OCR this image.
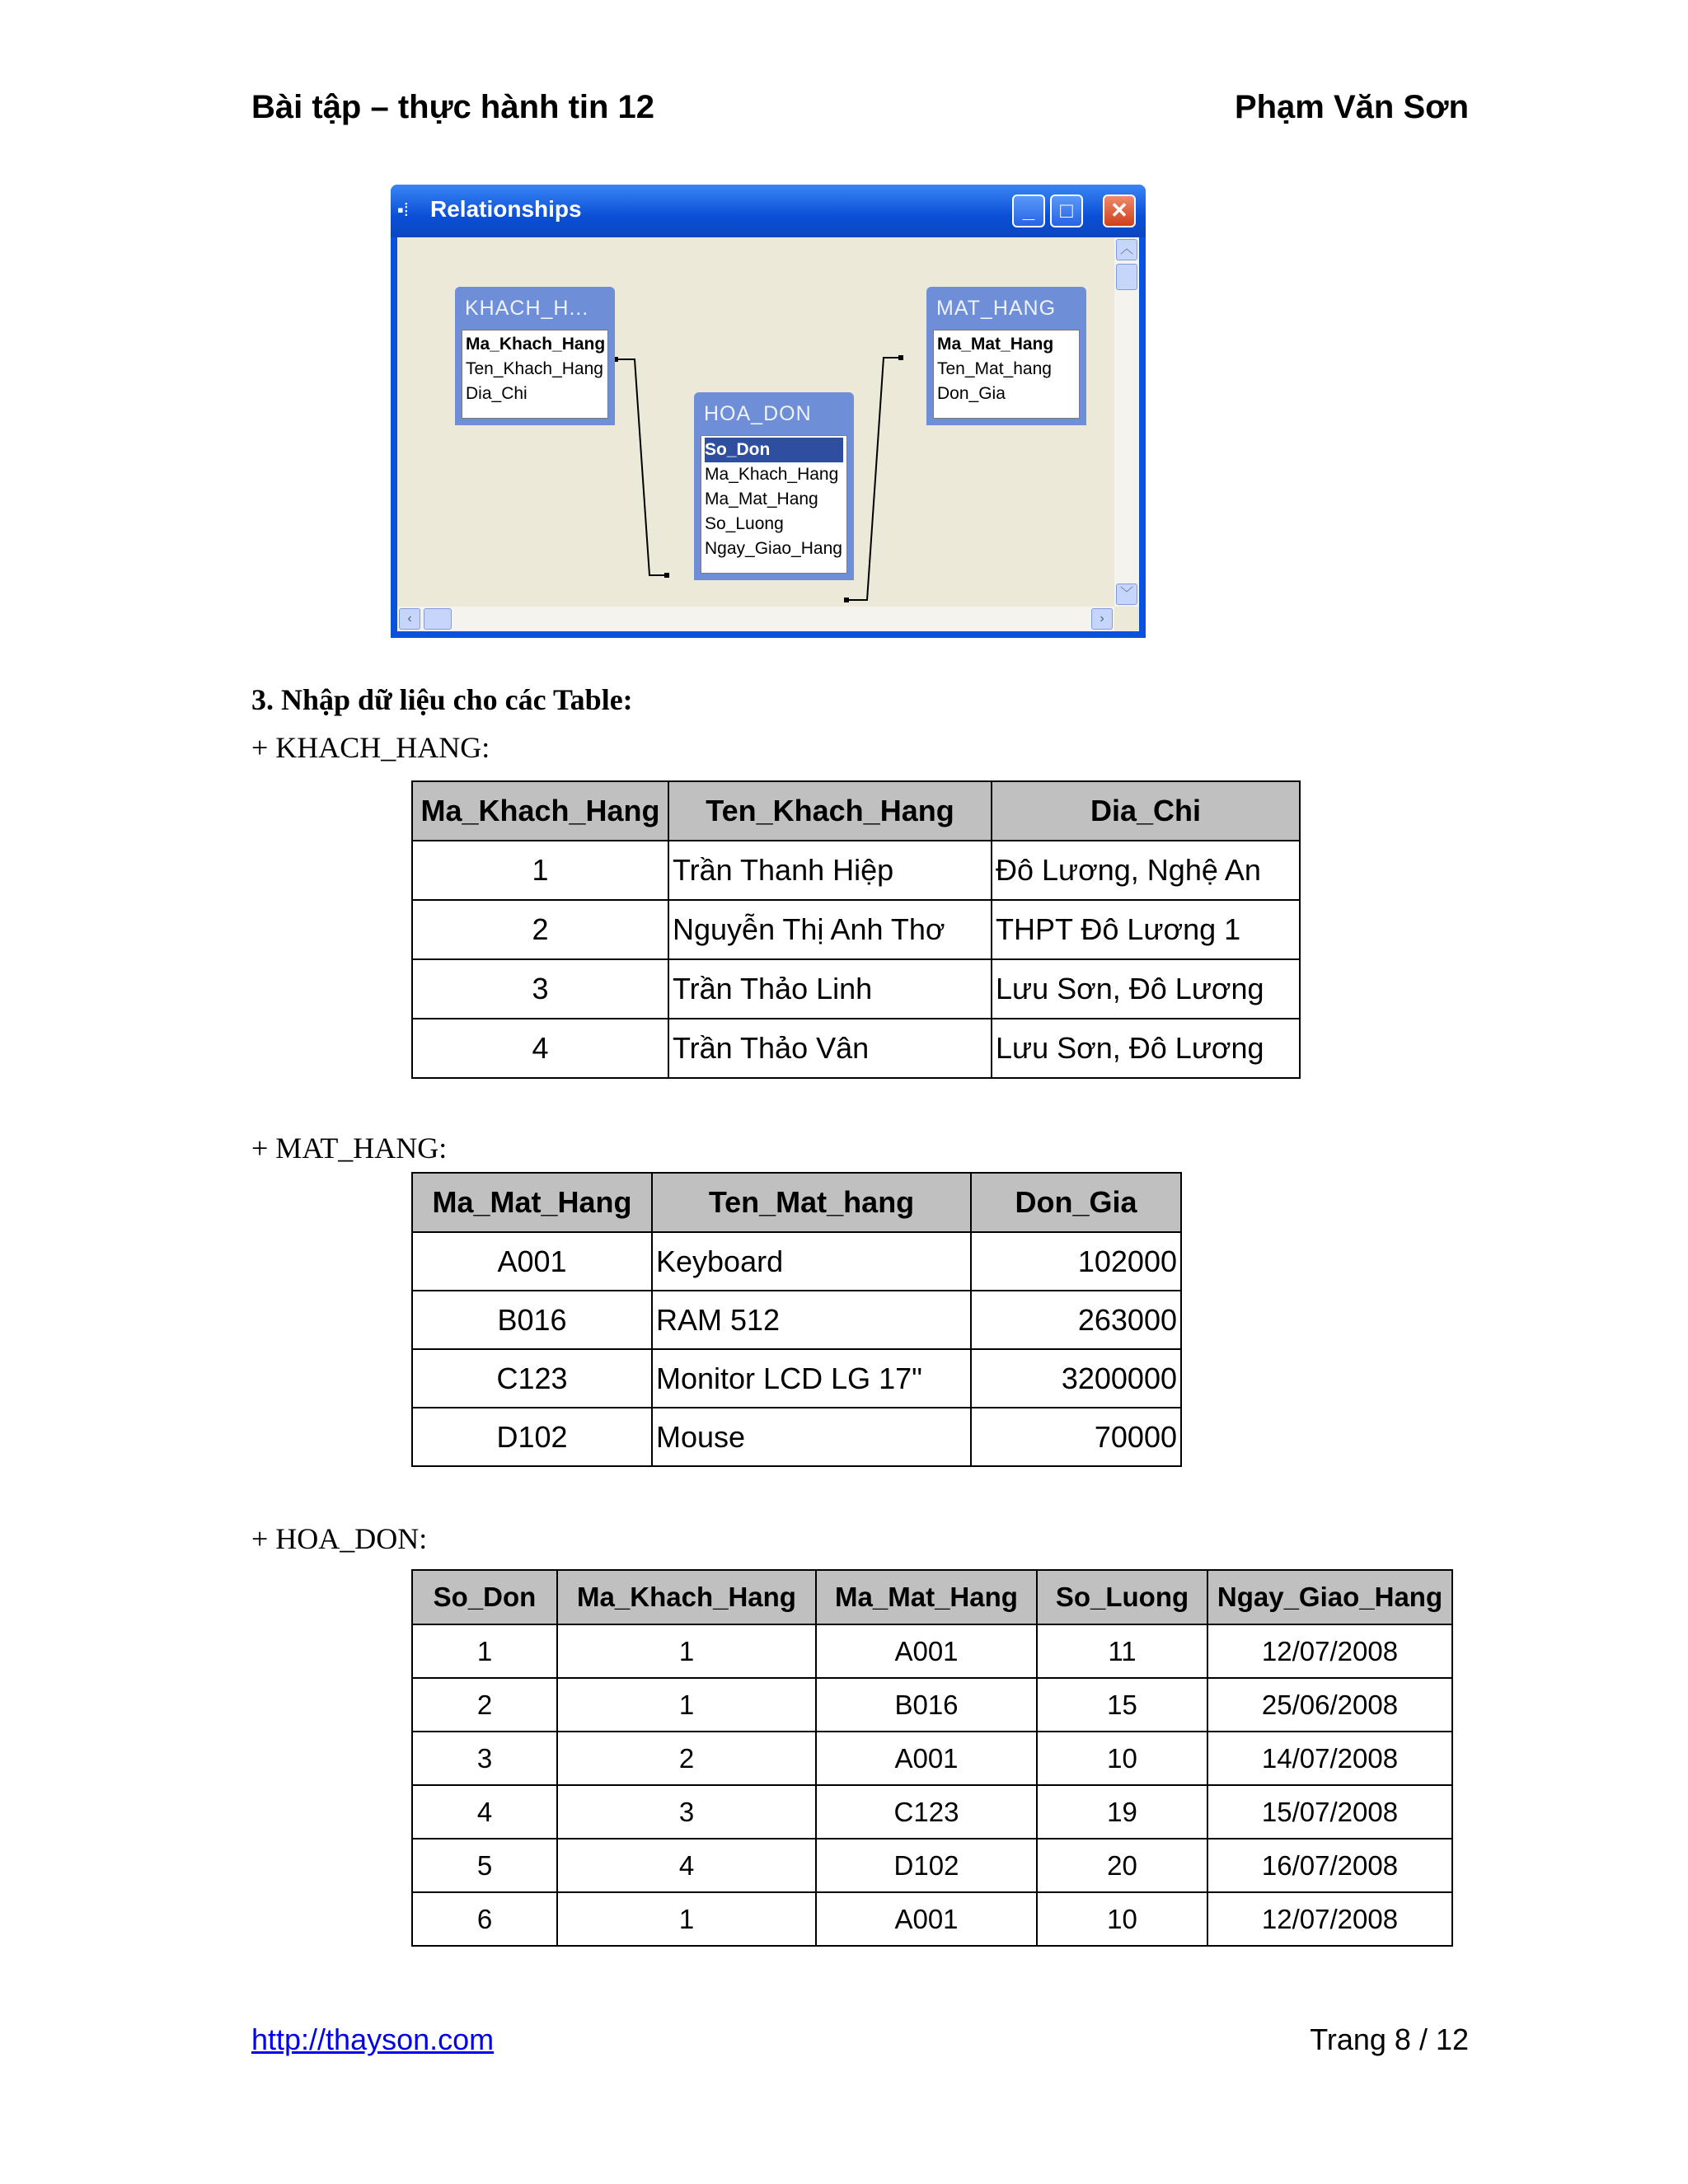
Bài tập – thực hành tin 12	Phạm Văn Sơn
▪⁞ Relationships	_	□	✕
KHACH_H...
Ma_Khach_Hang
Ten_Khach_Hang
Dia_Chi
HOA_DON
So_Don
Ma_Khach_Hang
Ma_Mat_Hang
So_Luong
Ngay_Giao_Hang
MAT_HANG
Ma_Mat_Hang
Ten_Mat_hang
Don_Gia
︿
﹀
‹	›
3. Nhập dữ liệu cho các Table:
+ KHACH_HANG:
Ma_Khach_Hang	Ten_Khach_Hang	Dia_Chi
1	Trần Thanh Hiệp	Đô Lương, Nghệ An
2	Nguyễn Thị Anh Thơ	THPT Đô Lương 1
3	Trần Thảo Linh	Lưu Sơn, Đô Lương
4	Trần Thảo Vân	Lưu Sơn, Đô Lương
+ MAT_HANG:
Ma_Mat_Hang	Ten_Mat_hang	Don_Gia
A001	Keyboard	102000
B016	RAM 512	263000
C123	Monitor LCD LG 17"	3200000
D102	Mouse	70000
+ HOA_DON:
So_Don	Ma_Khach_Hang	Ma_Mat_Hang	So_Luong	Ngay_Giao_Hang
1	1	A001	11	12/07/2008
2	1	B016	15	25/06/2008
3	2	A001	10	14/07/2008
4	3	C123	19	15/07/2008
5	4	D102	20	16/07/2008
6	1	A001	10	12/07/2008
http://thayson.com	Trang 8 / 12
